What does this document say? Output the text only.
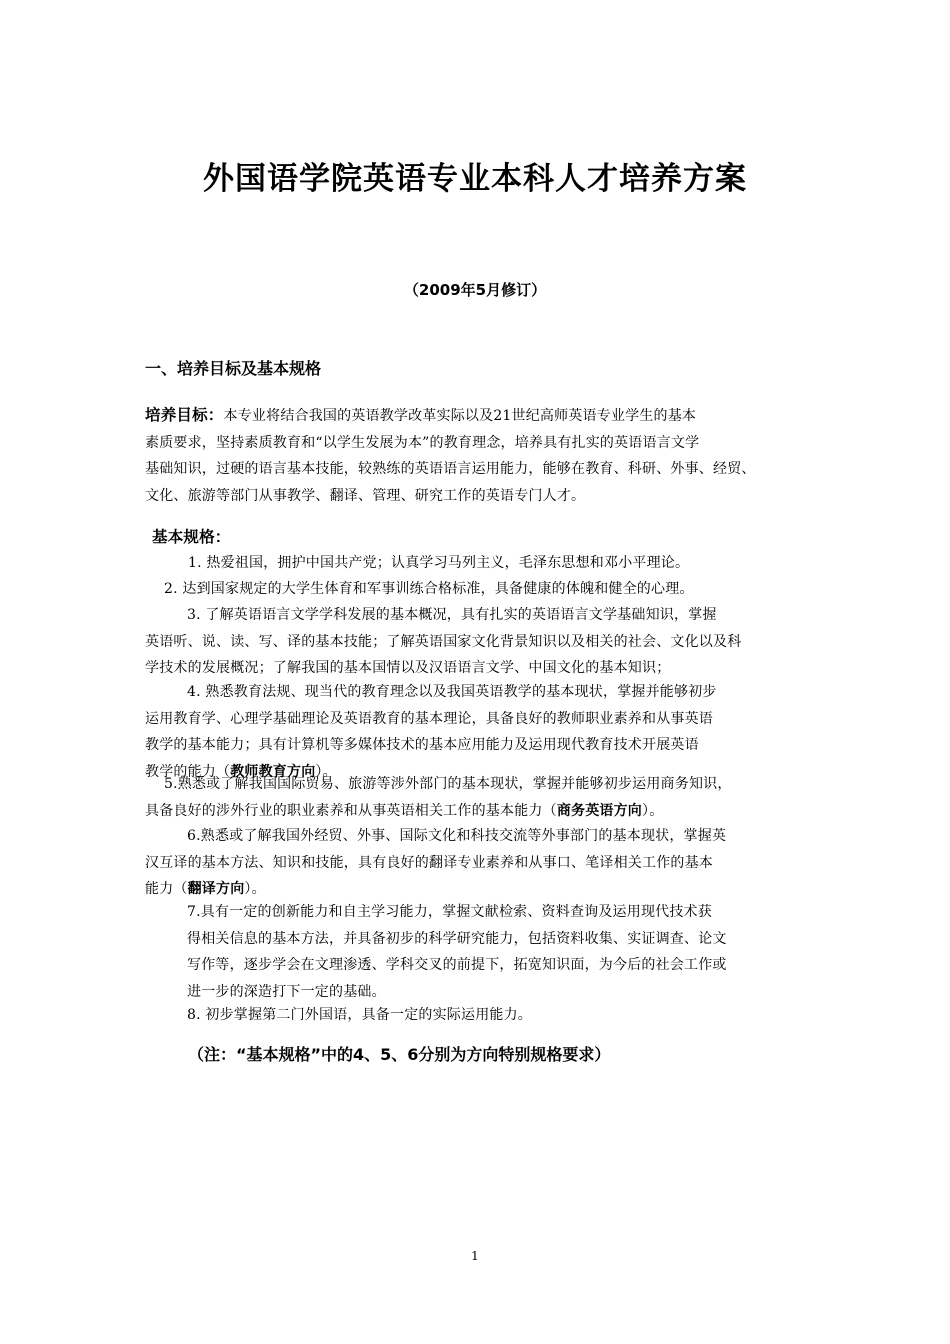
外国语学院英语专业本科人才培养方案
（2009年5月修订）
一、培养目标及基本规格
培养目标：本专业将结合我国的英语教学改革实际以及21世纪高师英语专业学生的基本
素质要求，坚持素质教育和“以学生发展为本”的教育理念，培养具有扎实的英语语言文学
基础知识，过硬的语言基本技能，较熟练的英语语言运用能力，能够在教育、科研、外事、经贸、
文化、旅游等部门从事教学、翻译、管理、研究工作的英语专门人才。
基本规格：
1. 热爱祖国，拥护中国共产党；认真学习马列主义，毛泽东思想和邓小平理论。
2. 达到国家规定的大学生体育和军事训练合格标准，具备健康的体魄和健全的心理。
3. 了解英语语言文学学科发展的基本概况，具有扎实的英语语言文学基础知识，掌握
英语听、说、读、写、译的基本技能；了解英语国家文化背景知识以及相关的社会、文化以及科
学技术的发展概况；了解我国的基本国情以及汉语语言文学、中国文化的基本知识；
4. 熟悉教育法规、现当代的教育理念以及我国英语教学的基本现状，掌握并能够初步
运用教育学、心理学基础理论及英语教育的基本理论，具备良好的教师职业素养和从事英语
教学的基本能力；具有计算机等多媒体技术的基本应用能力及运用现代教育技术开展英语
教学的能力（教师教育方向）。
5.熟悉或了解我国国际贸易、旅游等涉外部门的基本现状，掌握并能够初步运用商务知识，
具备良好的涉外行业的职业素养和从事英语相关工作的基本能力（商务英语方向）。
6.熟悉或了解我国外经贸、外事、国际文化和科技交流等外事部门的基本现状，掌握英
汉互译的基本方法、知识和技能，具有良好的翻译专业素养和从事口、笔译相关工作的基本
能力（翻译方向）。
7.具有一定的创新能力和自主学习能力，掌握文献检索、资料查询及运用现代技术获
得相关信息的基本方法，并具备初步的科学研究能力，包括资料收集、实证调查、论文
写作等，逐步学会在文理渗透、学科交叉的前提下，拓宽知识面，为今后的社会工作或
进一步的深造打下一定的基础。
8. 初步掌握第二门外国语，具备一定的实际运用能力。
（注：“基本规格”中的4、5、6分别为方向特别规格要求）
1
